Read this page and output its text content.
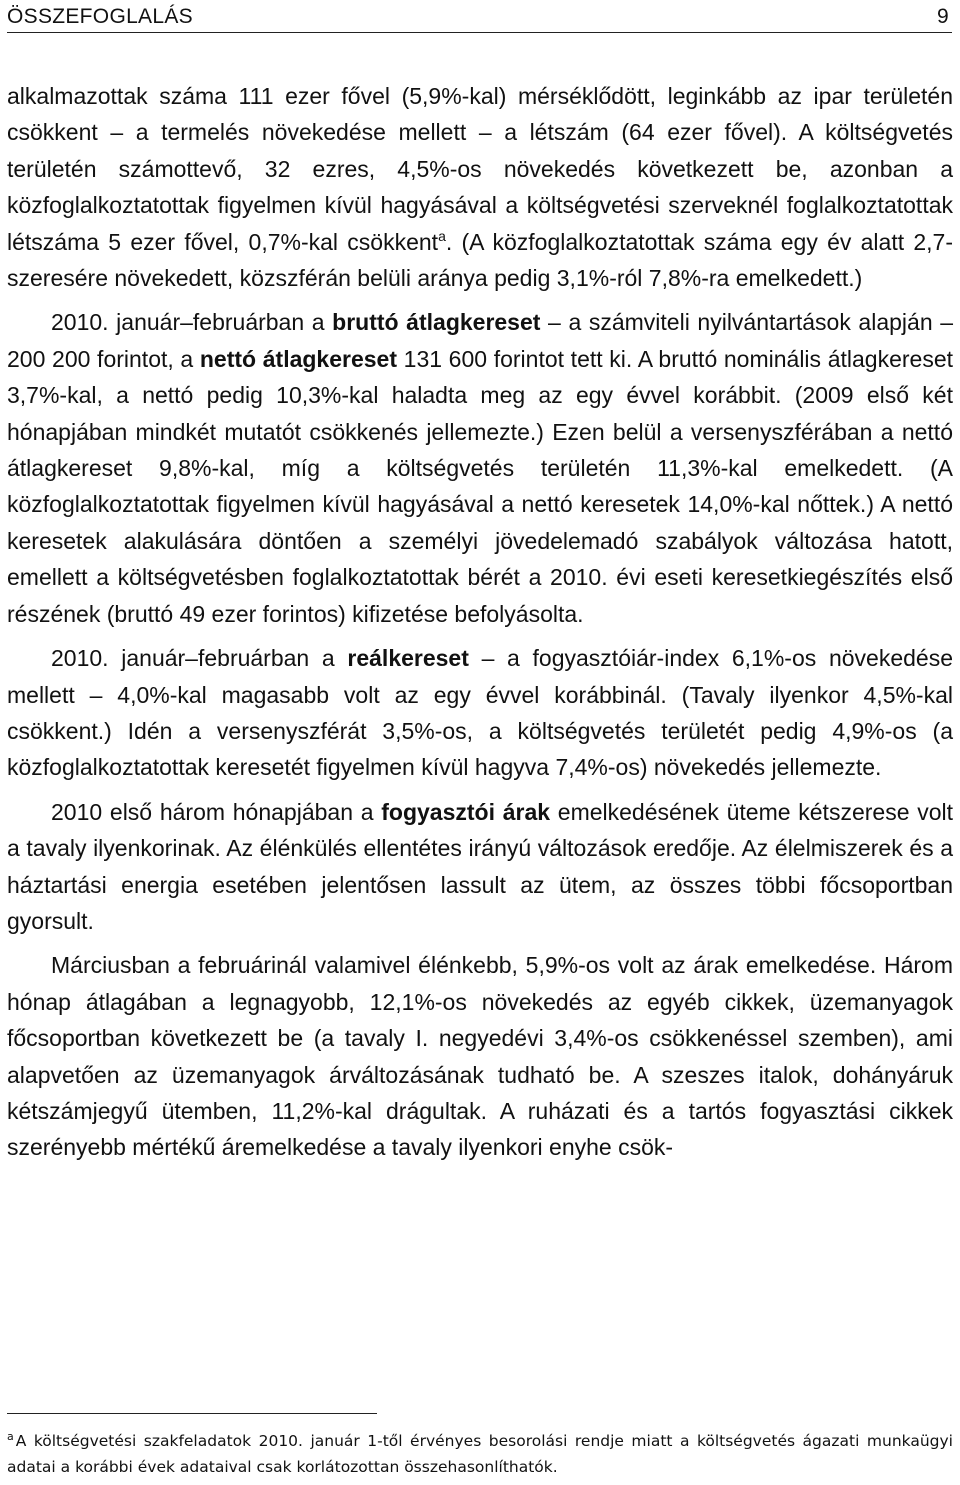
ÖSSZEFOGLALÁS	9

alkalmazottak száma 111 ezer fővel (5,9%-kal) mérséklődött, leginkább az ipar területén csökkent – a termelés növekedése mellett – a létszám (64 ezer fővel). A költségvetés területén számottevő, 32 ezres, 4,5%-os növekedés következett be, azonban a közfoglalkoztatottak figyelmen kívül hagyásával a költségvetési szerveknél foglalkoztatottak létszáma 5 ezer fővel, 0,7%-kal csökkent$^a$. (A közfoglalkoztatottak száma egy év alatt 2,7-szeresére növekedett, közszférán belüli aránya pedig 3,1%-ról 7,8%-ra emelkedett.)

2010. január–februárban a bruttó átlagkereset – a számviteli nyilvántartások alapján – 200 200 forintot, a nettó átlagkereset 131 600 forintot tett ki. A bruttó nominális átlagkereset 3,7%-kal, a nettó pedig 10,3%-kal haladta meg az egy évvel korábbit. (2009 első két hónapjában mindkét mutatót csökkenés jellemezte.) Ezen belül a versenyszférában a nettó átlagkereset 9,8%-kal, míg a költségvetés területén 11,3%-kal emelkedett. (A közfoglalkoztatottak figyelmen kívül hagyásával a nettó keresetek 14,0%-kal nőttek.) A nettó keresetek alakulására döntően a személyi jövedelemadó szabályok változása hatott, emellett a költségvetésben foglalkoztatottak bérét a 2010. évi eseti keresetkiegészítés első részének (bruttó 49 ezer forintos) kifizetése befolyásolta.

2010. január–februárban a reálkereset – a fogyasztóiár-index 6,1%-os növekedése mellett – 4,0%-kal magasabb volt az egy évvel korábbinál. (Tavaly ilyenkor 4,5%-kal csökkent.) Idén a versenyszférát 3,5%-os, a költségvetés területét pedig 4,9%-os (a közfoglalkoztatottak keresetét figyelmen kívül hagyva 7,4%-os) növekedés jellemezte.

2010 első három hónapjában a fogyasztói árak emelkedésének üteme kétszerese volt a tavaly ilyenkorinak. Az élénkülés ellentétes irányú változások eredője. Az élelmiszerek és a háztartási energia esetében jelentősen lassult az ütem, az összes többi főcsoportban gyorsult.

Márciusban a februárinál valamivel élénkebb, 5,9%-os volt az árak emelkedése. Három hónap átlagában a legnagyobb, 12,1%-os növekedés az egyéb cikkek, üzemanyagok főcsoportban következett be (a tavaly I. negyedévi 3,4%-os csökkenéssel szemben), ami alapvetően az üzemanyagok árváltozásának tudható be. A szeszes italok, dohányáruk kétszámjegyű ütemben, 11,2%-kal drágultak. A ruházati és a tartós fogyasztási cikkek szerényebb mértékű áremelkedése a tavaly ilyenkori enyhe csök-

$^a$ A költségvetési szakfeladatok 2010. január 1-től érvényes besorolási rendje miatt a költségvetés ágazati munkaügyi adatai a korábbi évek adataival csak korlátozottan összehasonlíthatók.
